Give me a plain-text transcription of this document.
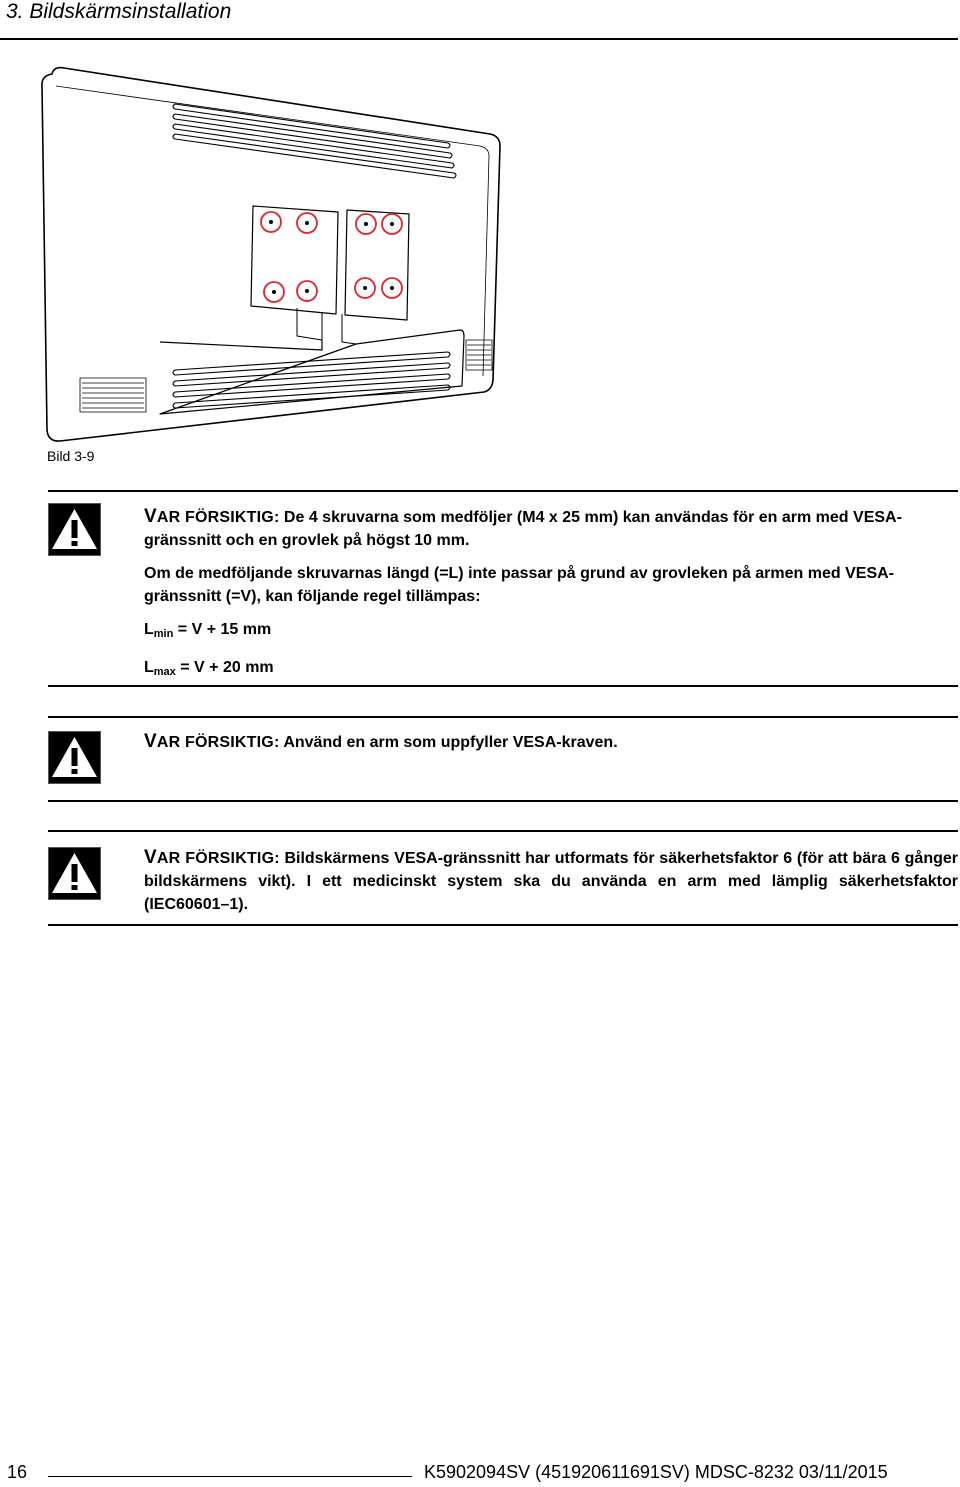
3. Bildskärmsinstallation
Bild 3-9

VAR FÖRSIKTIG: De 4 skruvarna som medföljer (M4 x 25 mm) kan användas för en arm med VESA-gränssnitt och en grovlek på högst 10 mm.

Om de medföljande skruvarnas längd (=L) inte passar på grund av grovleken på armen med VESA-gränssnitt (=V), kan följande regel tillämpas:

$L_{min} = V + 15$ mm

$L_{max} = V + 20$ mm

VAR FÖRSIKTIG: Använd en arm som uppfyller VESA-kraven.

VAR FÖRSIKTIG: Bildskärmens VESA-gränssnitt har utformats för säkerhetsfaktor 6 (för att bära 6 gånger bildskärmens vikt). I ett medicinskt system ska du använda en arm med lämplig säkerhetsfaktor (IEC60601–1).

16	K5902094SV (451920611691SV) MDSC-8232 03/11/2015
